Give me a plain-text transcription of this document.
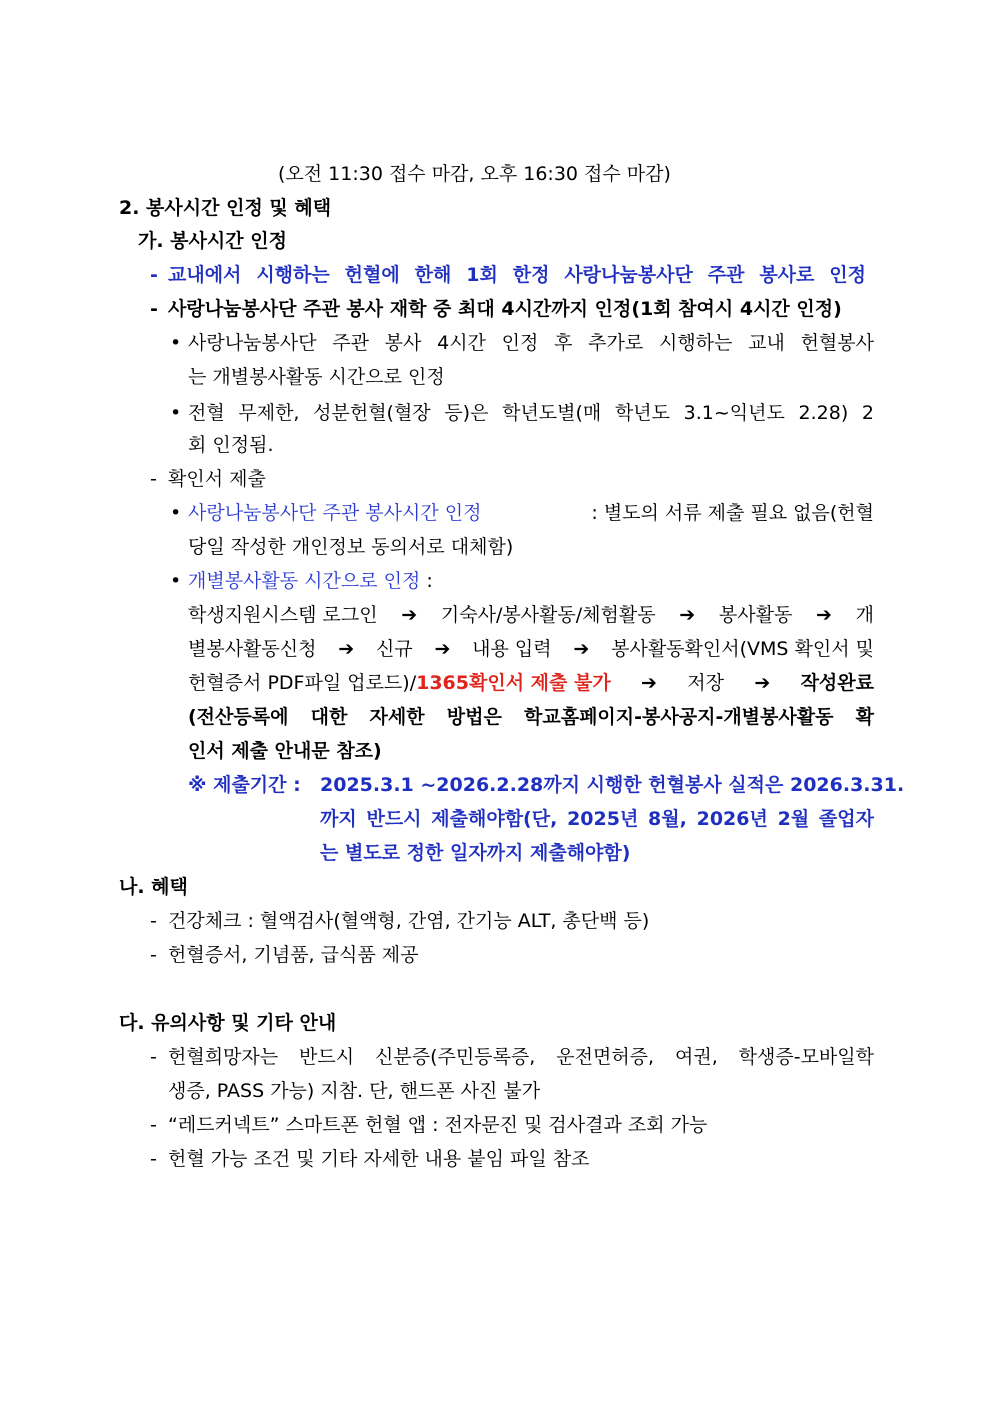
(오전 11:30 접수 마감, 오후 16:30 접수 마감)
2. 봉사시간 인정 및 혜택
가. 봉사시간 인정
- 교내에서 시행하는 헌혈에 한해 1회 한정 사랑나눔봉사단 주관 봉사로 인정
- 사랑나눔봉사단 주관 봉사 재학 중 최대 4시간까지 인정(1회 참여시 4시간 인정)
• 사랑나눔봉사단 주관 봉사 4시간 인정 후 추가로 시행하는 교내 헌혈봉사
는 개별봉사활동 시간으로 인정
• 전혈 무제한, 성분헌혈(혈장 등)은 학년도별(매 학년도 3.1~익년도 2.28) 2
회 인정됨.
- 확인서 제출
• 사랑나눔봉사단 주관 봉사시간 인정	: 별도의 서류 제출 필요 없음(헌혈
당일 작성한 개인정보 동의서로 대체함)
• 개별봉사활동 시간으로 인정 :
학생지원시스템 로그인 ➔ 기숙사/봉사활동/체험활동 ➔ 봉사활동 ➔ 개
별봉사활동신청 ➔ 신규 ➔ 내용 입력 ➔ 봉사활동확인서(VMS 확인서 및
헌혈증서 PDF파일 업로드)/1365확인서 제출 불가 ➔ 저장 ➔ 작성완료
(전산등록에 대한 자세한 방법은 학교홈페이지-봉사공지-개별봉사활동 확
인서 제출 안내문 참조)
※ 제출기간 : 2025.3.1 ~2026.2.28까지 시행한 헌혈봉사 실적은 2026.3.31.
까지 반드시 제출해야함(단, 2025년 8월, 2026년 2월 졸업자
는 별도로 정한 일자까지 제출해야함)
나. 혜택
- 건강체크 : 혈액검사(혈액형, 간염, 간기능 ALT, 총단백 등)
- 헌혈증서, 기념품, 급식품 제공
다. 유의사항 및 기타 안내
- 헌혈희망자는 반드시 신분증(주민등록증, 운전면허증, 여권, 학생증-모바일학
생증, PASS 가능) 지참. 단, 핸드폰 사진 불가
- “레드커넥트” 스마트폰 헌혈 앱 : 전자문진 및 검사결과 조회 가능
- 헌혈 가능 조건 및 기타 자세한 내용 붙임 파일 참조
